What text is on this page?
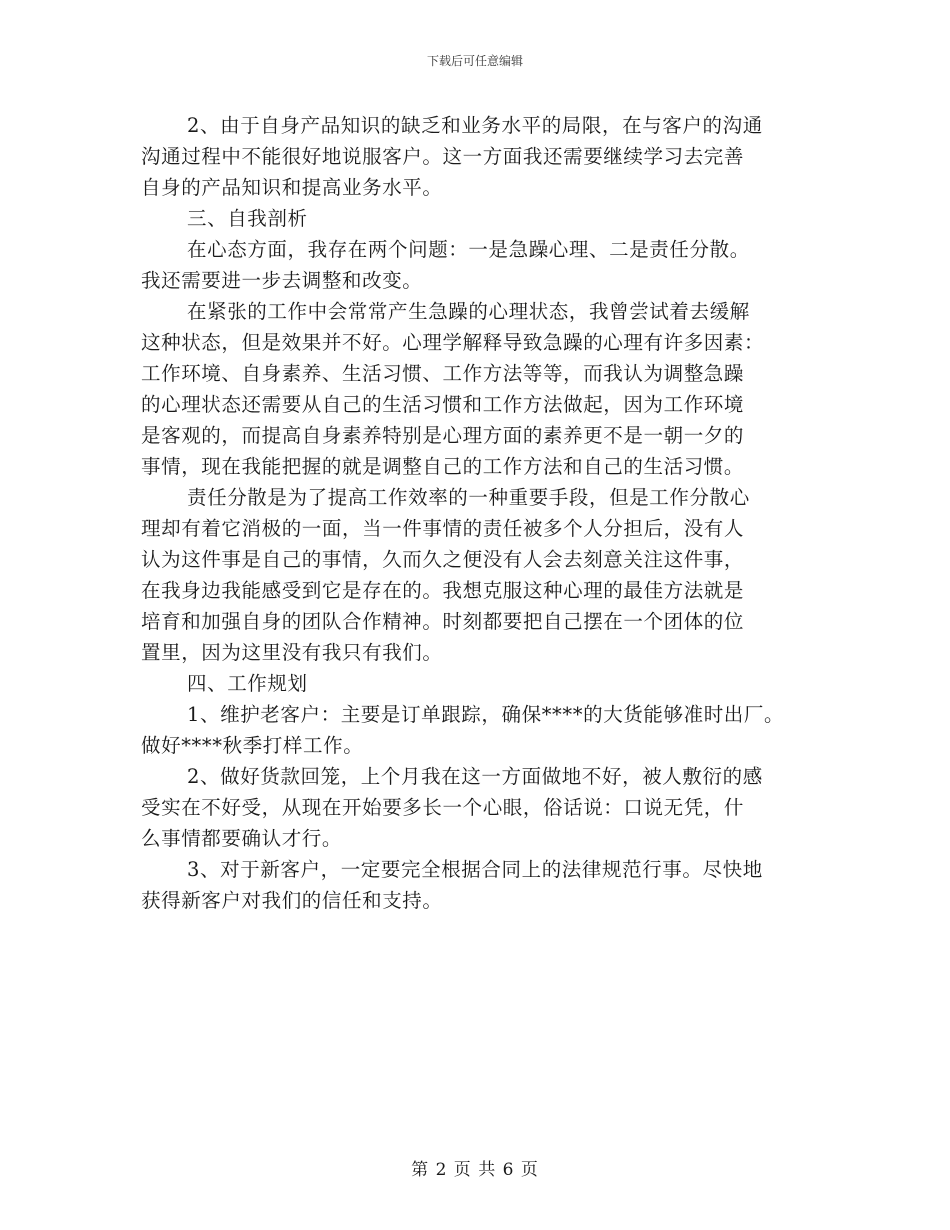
下载后可任意编辑
2、由于自身产品知识的缺乏和业务水平的局限，在与客户的沟通
沟通过程中不能很好地说服客户。这一方面我还需要继续学习去完善
自身的产品知识和提高业务水平。
三、自我剖析
在心态方面，我存在两个问题：一是急躁心理、二是责任分散。
我还需要进一步去调整和改变。
在紧张的工作中会常常产生急躁的心理状态，我曾尝试着去缓解
这种状态，但是效果并不好。心理学解释导致急躁的心理有许多因素：
工作环境、自身素养、生活习惯、工作方法等等，而我认为调整急躁
的心理状态还需要从自己的生活习惯和工作方法做起，因为工作环境
是客观的，而提高自身素养特别是心理方面的素养更不是一朝一夕的
事情，现在我能把握的就是调整自己的工作方法和自己的生活习惯。
责任分散是为了提高工作效率的一种重要手段，但是工作分散心
理却有着它消极的一面，当一件事情的责任被多个人分担后，没有人
认为这件事是自己的事情，久而久之便没有人会去刻意关注这件事，
在我身边我能感受到它是存在的。我想克服这种心理的最佳方法就是
培育和加强自身的团队合作精神。时刻都要把自己摆在一个团体的位
置里，因为这里没有我只有我们。
四、工作规划
1、维护老客户：主要是订单跟踪，确保****的大货能够准时出厂。
做好****秋季打样工作。
2、做好货款回笼，上个月我在这一方面做地不好，被人敷衍的感
受实在不好受，从现在开始要多长一个心眼，俗话说：口说无凭，什
么事情都要确认才行。
3、对于新客户，一定要完全根据合同上的法律规范行事。尽快地
获得新客户对我们的信任和支持。
第 2 页 共 6 页
